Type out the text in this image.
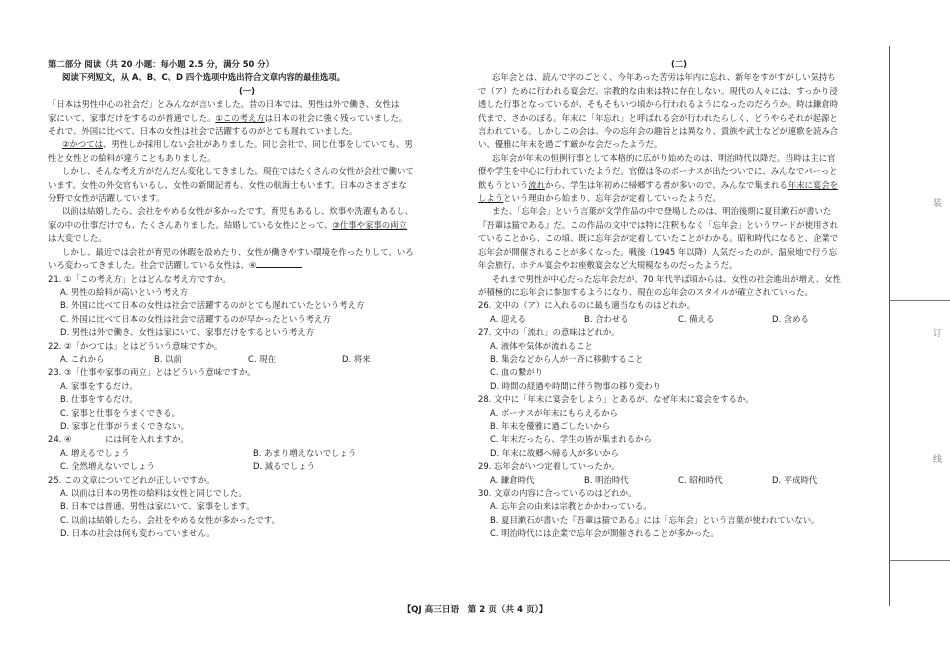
第二部分 阅读（共 20 小题：每小题 2.5 分，满分 50 分）
阅读下列短文，从 A、B、C、D 四个选项中选出符合文章内容的最佳选项。
(一)
「日本は男性中心の社会だ」とみんなが言いました。昔の日本では、男性は外で働き、女性は
家にいて、家事だけをするのが普通でした。①この考え方は日本の社会に強く残っていました。
それで、外国に比べて、日本の女性は社会で活躍するのがとても遅れていました。
②かつては、男性しか採用しない会社がありました。同じ会社で、同じ仕事をしていても、男
性と女性との給料が違うこともありました。
しかし、そんな考え方がだんだん変化してきました。現在ではたくさんの女性が会社で働いて
います。女性の外交官もいるし、女性の新聞記者も、女性の航海士もいます。日本のさまざまな
分野で女性が活躍しています。
以前は結婚したら、会社をやめる女性が多かったです。育児もあるし、炊事や洗濯もあるし、
家の中の仕事だけでも、たくさんありました。結婚している女性にとって、③仕事や家事の両立
は大変でした。
しかし、最近では会社が育児の休暇を設めたり、女性が働きやすい環境を作ったりして、いろ
いろ変わってきました。社会で活躍している女性は、④
21. ①「この考え方」とはどんな考え方ですか。
A. 男性の給料が高いという考え方
B. 外国に比べて日本の女性は社会で活躍するのがとても遅れていたという考え方
C. 外国に比べて日本の女性は社会で活躍するのが早かったという考え方
D. 男性は外で働き、女性は家にいて、家事だけをするという考え方
22. ②「かつては」とはどういう意味ですか。
A. これから	B. 以前	C. 現在	D. 将来
23. ③「仕事や家事の両立」とはどういう意味ですか。
A. 家事をするだけ。
B. 仕事をするだけ。
C. 家事と仕事をうまくできる。
D. 家事と仕事がうまくできない。
24. ④　　　　には何を入れますか。
A. 増えるでしょう	B. あまり増えないでしょう
C. 全然増えないでしょう	D. 減るでしょう
25. この文章についてどれが正しいですか。
A. 以前は日本の男性の給料は女性と同じでした。
B. 日本では普通、男性は家にいて、家事をします。
C. 以前は結婚したら、会社をやめる女性が多かったです。
D. 日本の社会は何も変わっていません。
(二)
忘年会とは、読んで字のごとく、今年あった苦労は年内に忘れ、新年をすがすがしい気持ち
で（ア）ために行われる宴会だ。宗教的な由来は特に存在しない。現代の人々には、すっかり浸
透した行事となっているが、そもそもいつ頃から行われるようになったのだろうか。時は鎌倉時
代まで、さかのぼる。年末に「年忘れ」と呼ばれる会が行われたらしく、どうやらそれが起源と
言われている。しかしこの会は、今の忘年会の趣旨とは異なり、貴族や武士などが連歌を読み合
い、優雅に年末を過ごす厳かな会だったようだ。
忘年会が年末の恒例行事として本格的に広がり始めたのは、明治時代以降だ。当時は主に官
僚や学生を中心に行われていたようだ。官僚は冬のボーナスが出たついでに、みんなでパーっと
飲もうという流れから、学生は年初めに帰郷する者が多いので、みんなで集まれる年末に宴会を
しようという理由から始まり、忘年会が定着していったようだ。
また、「忘年会」という言葉が文学作品の中で登場したのは、明治後期に夏目漱石が書いた
『吾輩は猫である』だ。この作品の文中では特に注釈もなく「忘年会」というワードが使用され
ていることから、この頃、既に忘年会が定着していたことがわかる。昭和時代になると、企業で
忘年会が開催されることが多くなった。戦後（1945 年以降）人気だったのが、温泉地で行う忘
年会旅行、ホテル宴会やお座敷宴会など大規模なものだったようだ。
それまで男性が中心だった忘年会だが、70 年代半ば頃からは、女性の社会進出が増え、女性
が積極的に忘年会に参加するようになり、現在の忘年会のスタイルが確立されていった。
26. 文中の（ア）に入れるのに最も適当なものはどれか。
A. 迎える	B. 合わせる	C. 備える	D. 含める
27. 文中の「流れ」の意味はどれか。
A. 液体や気体が流れること
B. 集会などから人が一斉に移動すること
C. 血の繋がり
D. 時間の経過や時間に伴う物事の移り変わり
28. 文中に「年末に宴会をしよう」とあるが、なぜ年末に宴会をするか。
A. ボーナスが年末にもらえるから
B. 年末を優雅に過ごしたいから
C. 年末だったら、学生の皆が集まれるから
D. 年末に故郷へ帰る人が多いから
29. 忘年会がいつ定着していったか。
A. 鎌倉時代	B. 明治時代	C. 昭和時代	D. 平成時代
30. 文章の内容に合っているのはどれか。
A. 忘年会の由来は宗教とかかわっている。
B. 夏目漱石が書いた『吾輩は猫である』には「忘年会」という言葉が使われていない。
C. 明治時代には企業で忘年会が開催されることが多かった。
【QJ 高三日语　第 2 页（共 4 页）】
装
订
线
